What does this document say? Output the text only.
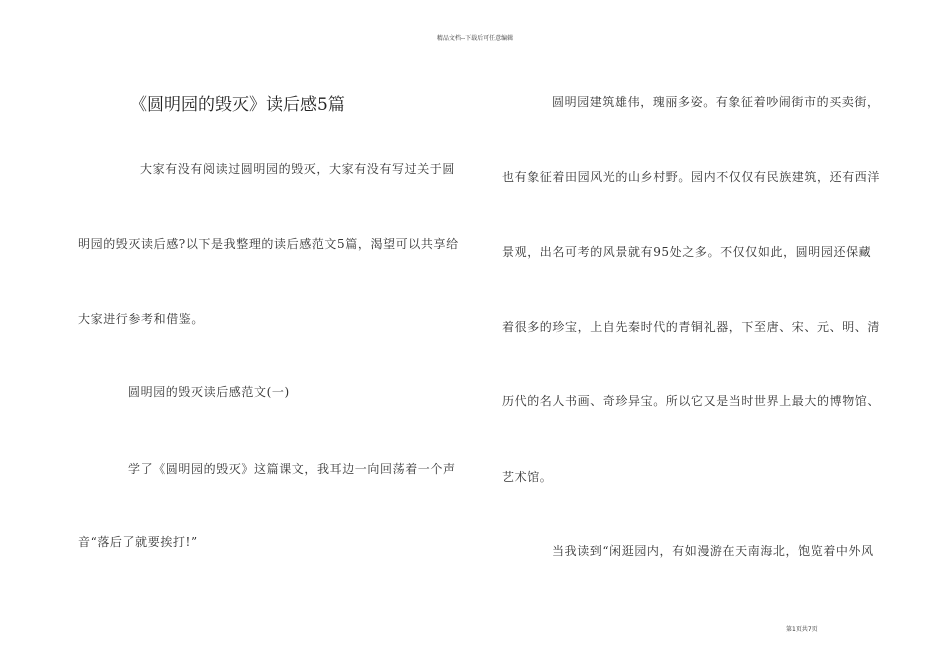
精品文档--下载后可任意编辑
《圆明园的毁灭》读后感5篇
大家有没有阅读过圆明园的毁灭，大家有没有写过关于圆
明园的毁灭读后感?以下是我整理的读后感范文5篇，渴望可以共享给
大家进行参考和借鉴。
圆明园的毁灭读后感范文(一)
学了《圆明园的毁灭》这篇课文，我耳边一向回荡着一个声
音“落后了就要挨打!”
圆明园建筑雄伟，瑰丽多姿。有象征着吵闹街市的买卖街，
也有象征着田园风光的山乡村野。园内不仅仅有民族建筑，还有西洋
景观，出名可考的风景就有95处之多。不仅仅如此，圆明园还保藏
着很多的珍宝，上自先秦时代的青铜礼器，下至唐、宋、元、明、清
历代的名人书画、奇珍异宝。所以它又是当时世界上最大的博物馆、
艺术馆。
当我读到“闲逛园内，有如漫游在天南海北，饱览着中外风
第1页共7页
